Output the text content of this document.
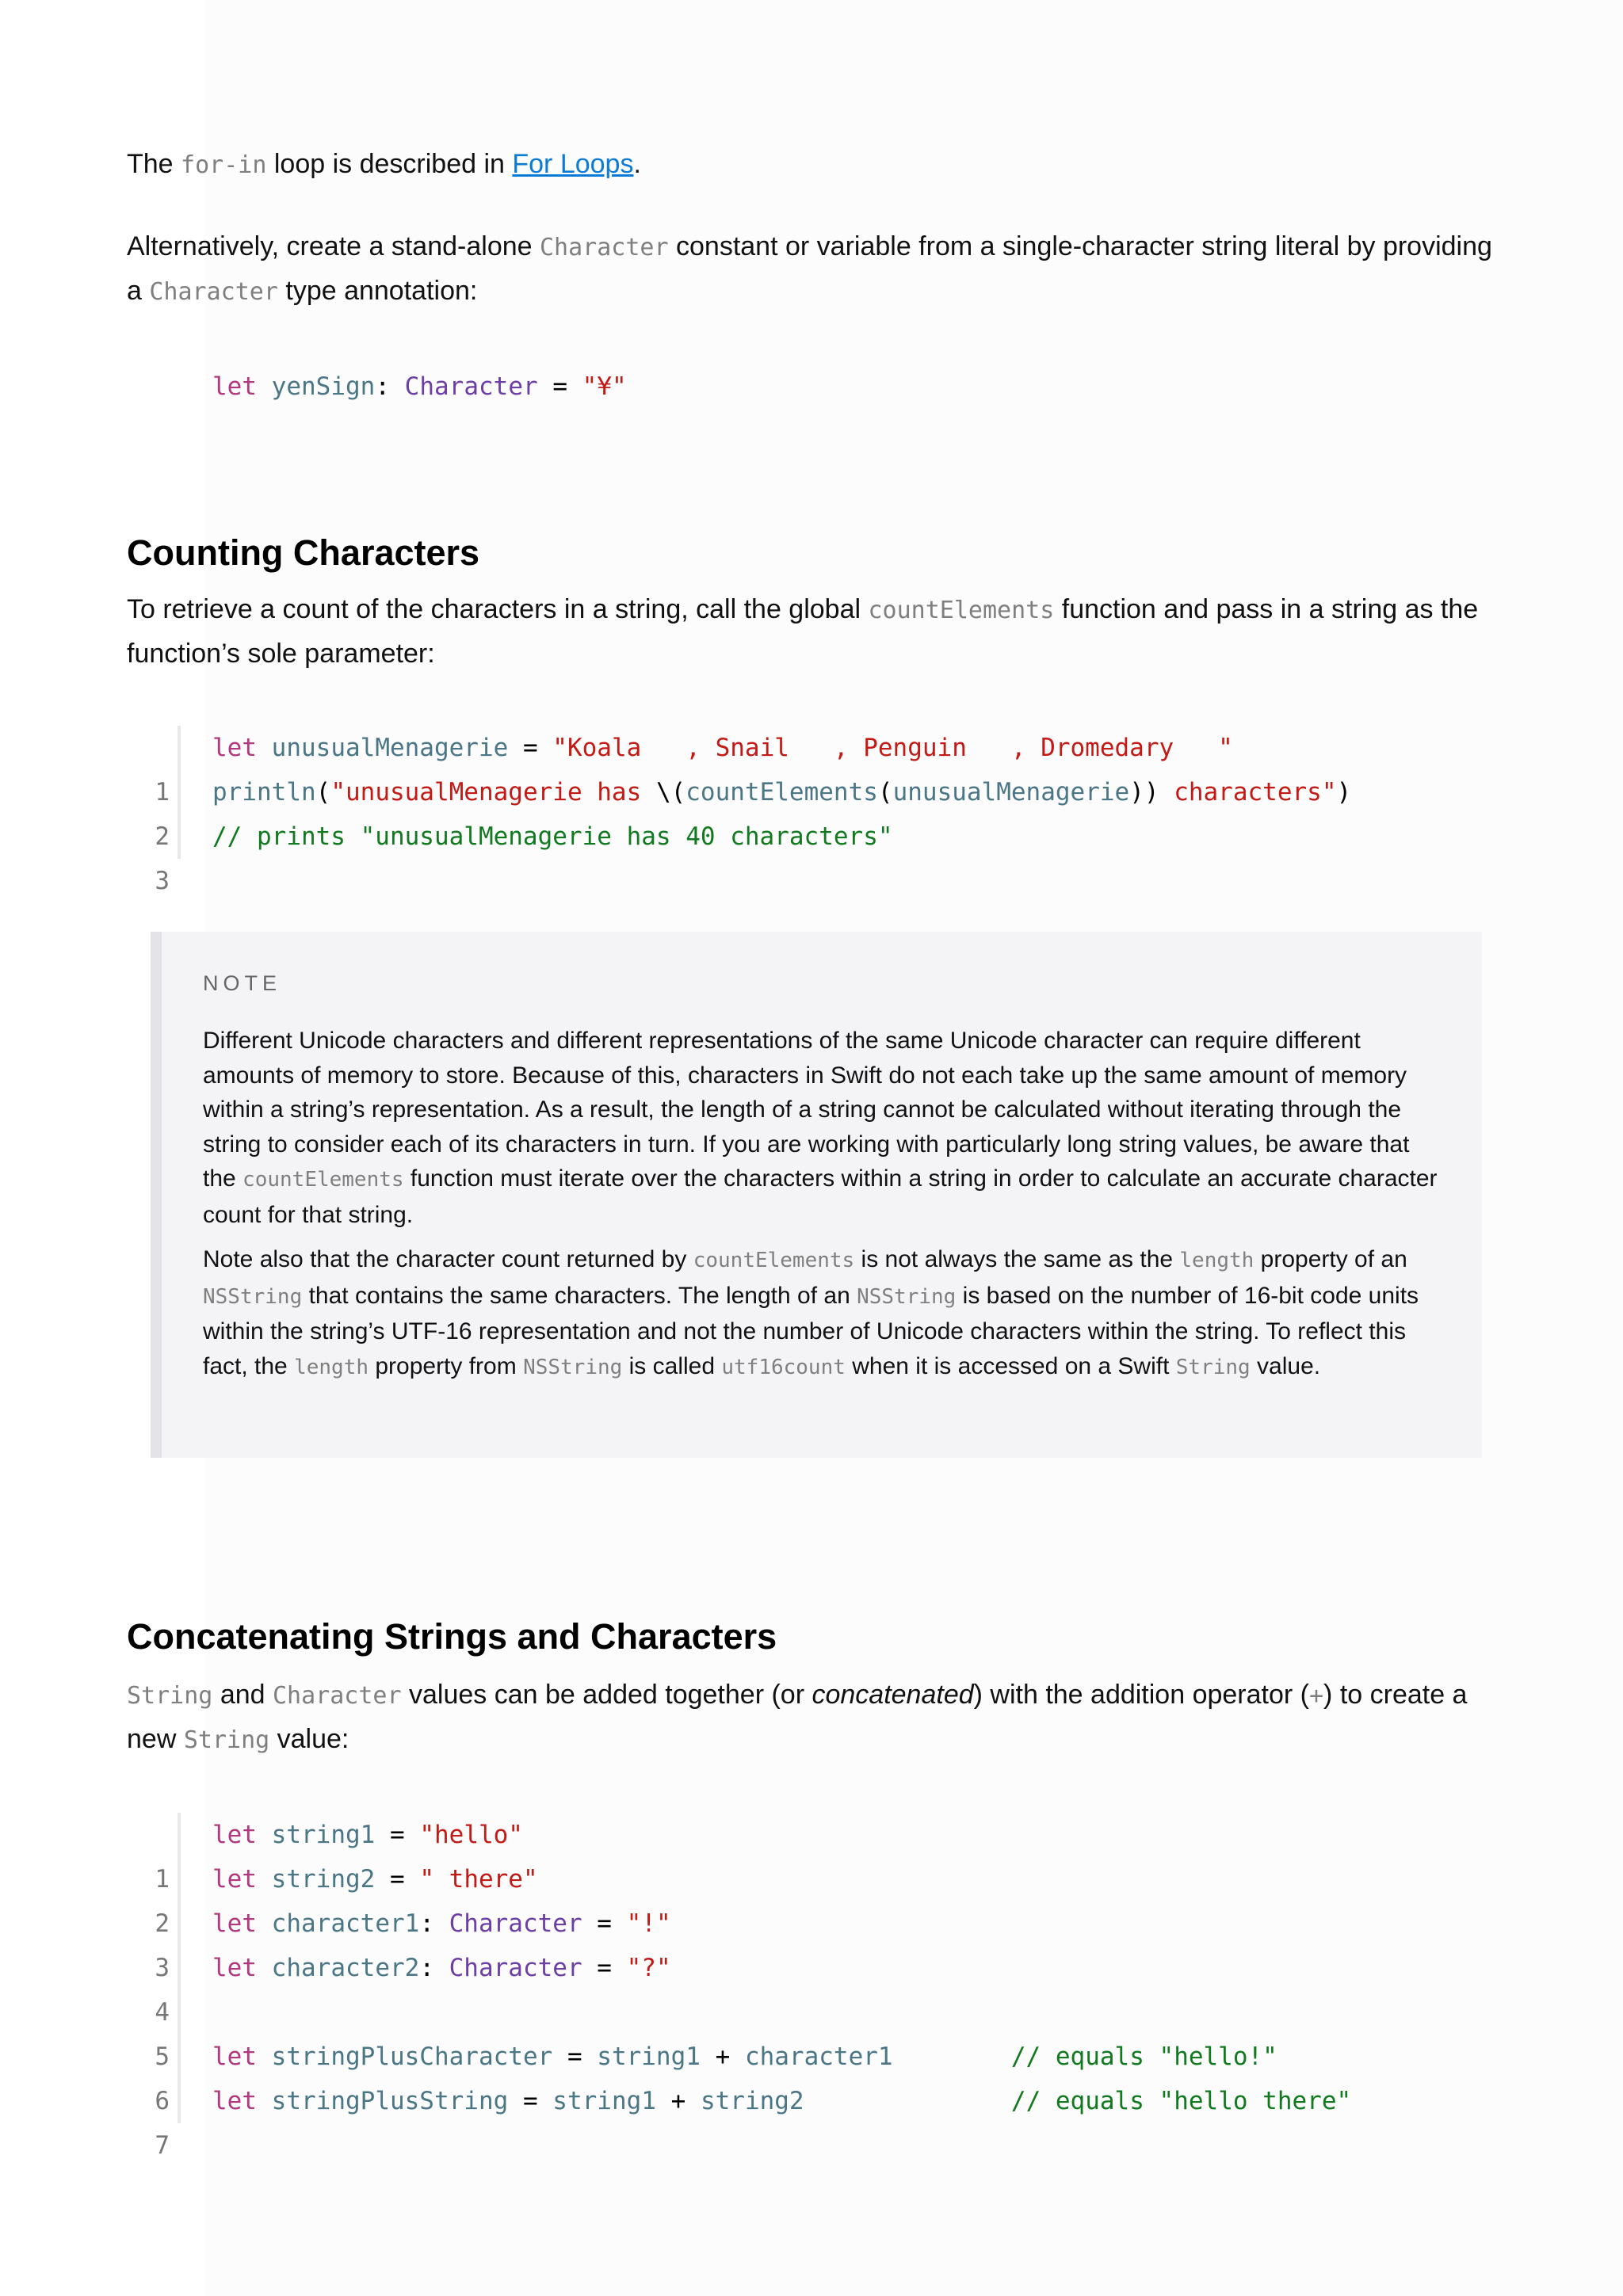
The for-in loop is described in For Loops.

Alternatively, create a stand-alone Character constant or variable from a single-character string literal by providing a Character type annotation:

let yenSign: Character = "¥"

Counting Characters

To retrieve a count of the characters in a string, call the global countElements function and pass in a string as the function’s sole parameter:

1

let unusualMenagerie = "Koala   , Snail   , Penguin   , Dromedary   "

2

println("unusualMenagerie has \(countElements(unusualMenagerie)) characters")

3

// prints "unusualMenagerie has 40 characters"

NOTE

Different Unicode characters and different representations of the same Unicode character can require different amounts of memory to store. Because of this, characters in Swift do not each take up the same amount of memory within a string’s representation. As a result, the length of a string cannot be calculated without iterating through the string to consider each of its characters in turn. If you are working with particularly long string values, be aware that the countElements function must iterate over the characters within a string in order to calculate an accurate character count for that string.

Note also that the character count returned by countElements is not always the same as the length property of an NSString that contains the same characters. The length of an NSString is based on the number of 16-bit code units within the string’s UTF-16 representation and not the number of Unicode characters within the string. To reflect this fact, the length property from NSString is called utf16count when it is accessed on a Swift String value.

Concatenating Strings and Characters

String and Character values can be added together (or concatenated) with the addition operator (+) to create a new String value:

1

let string1 = "hello"

2

let string2 = " there"

3

let character1: Character = "!"

4

let character2: Character = "?"

5

6

let stringPlusCharacter = string1 + character1	// equals "hello!"

7

let stringPlusString = string1 + string2	// equals "hello there"
